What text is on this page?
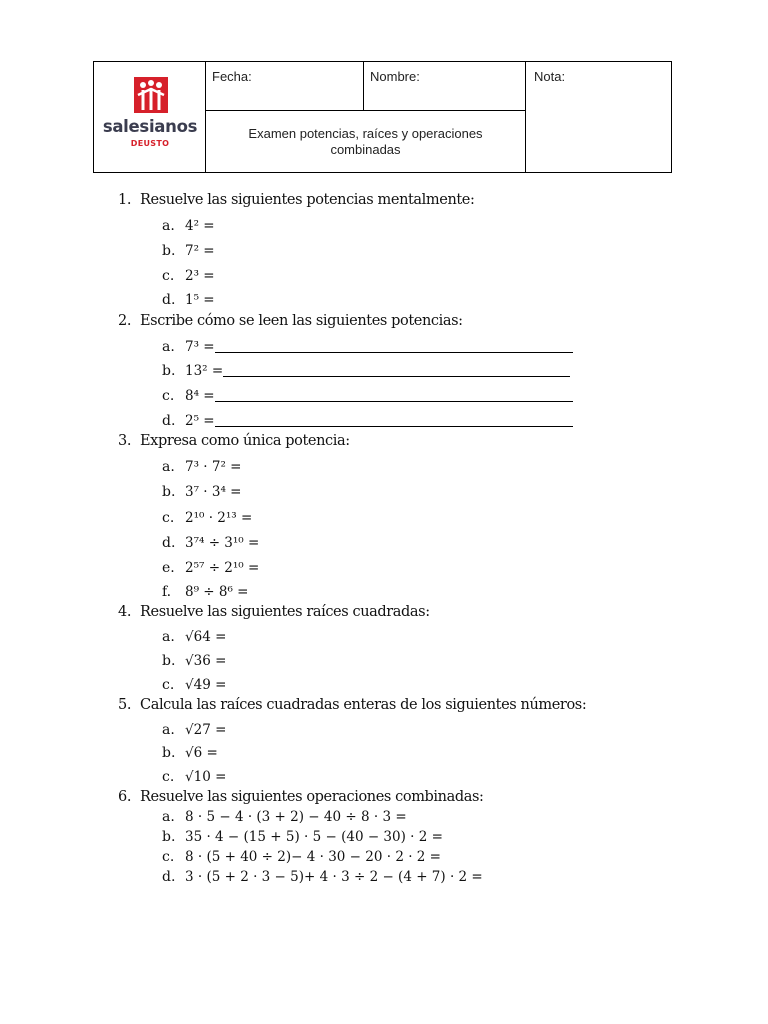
salesianos
DEUSTO
Fecha:	Nombre:	Nota:
Examen potencias, raíces y operaciones combinadas
1. Resuelve las siguientes potencias mentalmente:
a. 4² =
b. 7² =
c. 2³ =
d. 1⁵ =
2. Escribe cómo se leen las siguientes potencias:
a. 7³ =
b. 13² =
c. 8⁴ =
d. 2⁵ =
3. Expresa como única potencia:
a. 7³ · 7² =
b. 3⁷ · 3⁴ =
c. 2¹⁰ · 2¹³ =
d. 3⁷⁴ ÷ 3¹⁰ =
e. 2⁵⁷ ÷ 2¹⁰ =
f. 8⁹ ÷ 8⁶ =
4. Resuelve las siguientes raíces cuadradas:
a. √64 =
b. √36 =
c. √49 =
5. Calcula las raíces cuadradas enteras de los siguientes números:
a. √27 =
b. √6 =
c. √10 =
6. Resuelve las siguientes operaciones combinadas:
a. 8 · 5 − 4 · (3 + 2) − 40 ÷ 8 · 3 =
b. 35 · 4 − (15 + 5) · 5 − (40 − 30) · 2 =
c. 8 · (5 + 40 ÷ 2)− 4 · 30 − 20 · 2 · 2 =
d. 3 · (5 + 2 · 3 − 5)+ 4 · 3 ÷ 2 − (4 + 7) · 2 =
